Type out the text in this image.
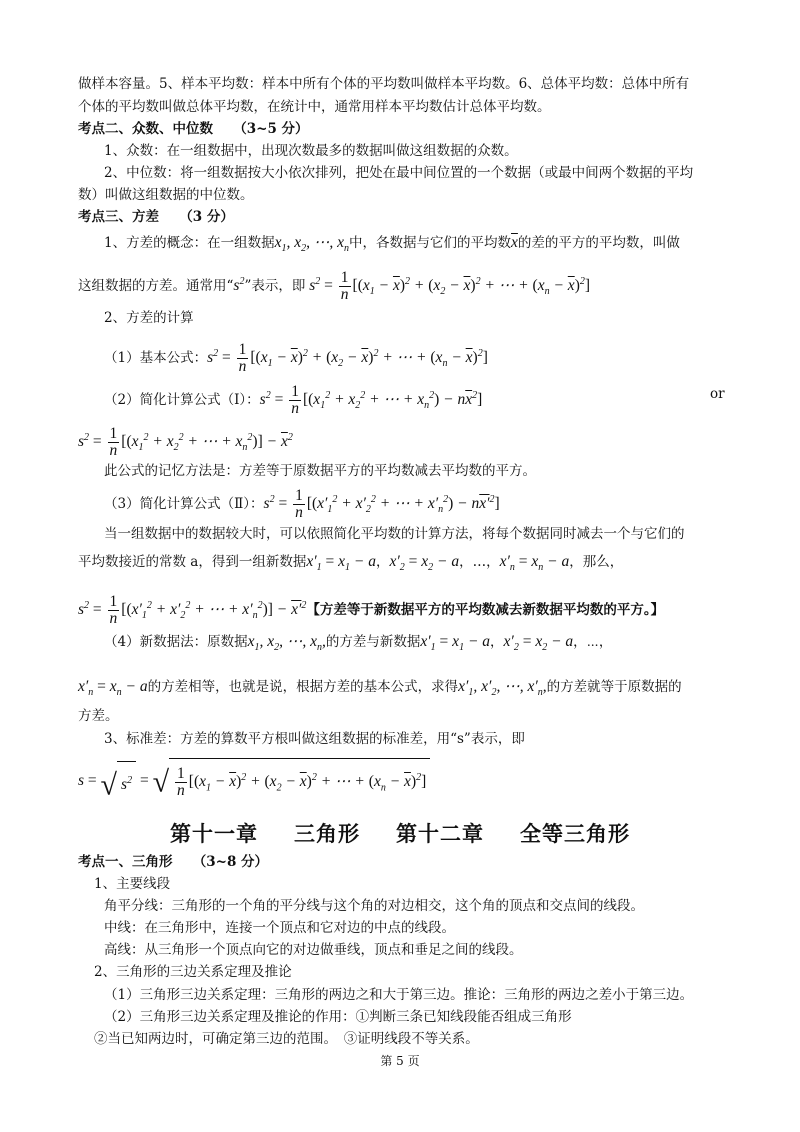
做样本容量。5、样本平均数：样本中所有个体的平均数叫做样本平均数。6、总体平均数：总体中所有
个体的平均数叫做总体平均数，在统计中，通常用样本平均数估计总体平均数。
考点二、众数、中位数　　（3~5 分）
1、众数：在一组数据中，出现次数最多的数据叫做这组数据的众数。
2、中位数：将一组数据按大小依次排列，把处在最中间位置的一个数据（或最中间两个数据的平均
数）叫做这组数据的中位数。
考点三、方差　　（3 分）
1、方差的概念：在一组数据$x_1$, $x_2$, ⋯, $x_n$中，各数据与它们的平均数$\overline{x}$的差的平方的平均数，叫做
这组数据的方差。通常用“$s^2$”表示，即 $s^2 = \frac{1}{n} [(x_1 - \overline{x})^2 + (x_2 - \overline{x})^2$ + ⋯ + $(x_n - \overline{x})^2$]
2、方差的计算
（1）基本公式：$s^2 = \frac{1}{n} [(x_1 - \overline{x})^2 + (x_2 - \overline{x})^2$ + ⋯ + $(x_n - \overline{x})^2$]
（2）简化计算公式（Ⅰ）：$s^2 = \frac{1}{n} [(x_1^2 + x_2^2$ + ⋯ + $x_n^2) - n\overline{x}^2$]	or
$s^2 = \frac{1}{n} [(x_1^2 + x_2^2$ + ⋯ + $x_n^2)] - \overline{x}^2$
此公式的记忆方法是：方差等于原数据平方的平均数减去平均数的平方。
（3）简化计算公式（Ⅱ）：$s^2 = \frac{1}{n} [(x'_1^2 + x'_2^2$ + ⋯ + $x'_n^2) - nx'^2$]
当一组数据中的数据较大时，可以依照简化平均数的计算方法，将每个数据同时减去一个与它们的
平均数接近的常数 a，得到一组新数据$x'_1 = x_1 - a$，$x'_2 = x_2 - a$，…，$x'_n = x_n - a$，那么，
$s^2 = \frac{1}{n} [(x'_1^2 + x'_2^2$ + ⋯ + $x'_n^2)] - x'^2$【方差等于新数据平方的平均数减去新数据平均数的平方。】
（4）新数据法：原数据$x_1$, $x_2$, ⋯, $x_n$,的方差与新数据$x'_1 = x_1 - a$，$x'_2 = x_2 - a$，⋯，
$x'_n = x_n - a$的方差相等，也就是说，根据方差的基本公式，求得$x'_1$, $x'_2$, ⋯, $x'_n$,的方差就等于原数据的
方差。
3、标准差：方差的算数平方根叫做这组数据的标准差，用“s”表示，即
s = √ $s^2$ = √ $\frac{1}{n} [(x_1 - \overline{x})^2 + (x_2 - \overline{x})^2$ + ⋯ + $(x_n - \overline{x})^2$]
第十一章 三角形 第十二章 全等三角形
考点一、三角形　　（3~8 分）
1、主要线段
角平分线：三角形的一个角的平分线与这个角的对边相交，这个角的顶点和交点间的线段。
中线：在三角形中，连接一个顶点和它对边的中点的线段。
高线：从三角形一个顶点向它的对边做垂线，顶点和垂足之间的线段。
2、三角形的三边关系定理及推论
（1）三角形三边关系定理：三角形的两边之和大于第三边。推论：三角形的两边之差小于第三边。
（2）三角形三边关系定理及推论的作用：①判断三条已知线段能否组成三角形
②当已知两边时，可确定第三边的范围。　③证明线段不等关系。
第 5 页
